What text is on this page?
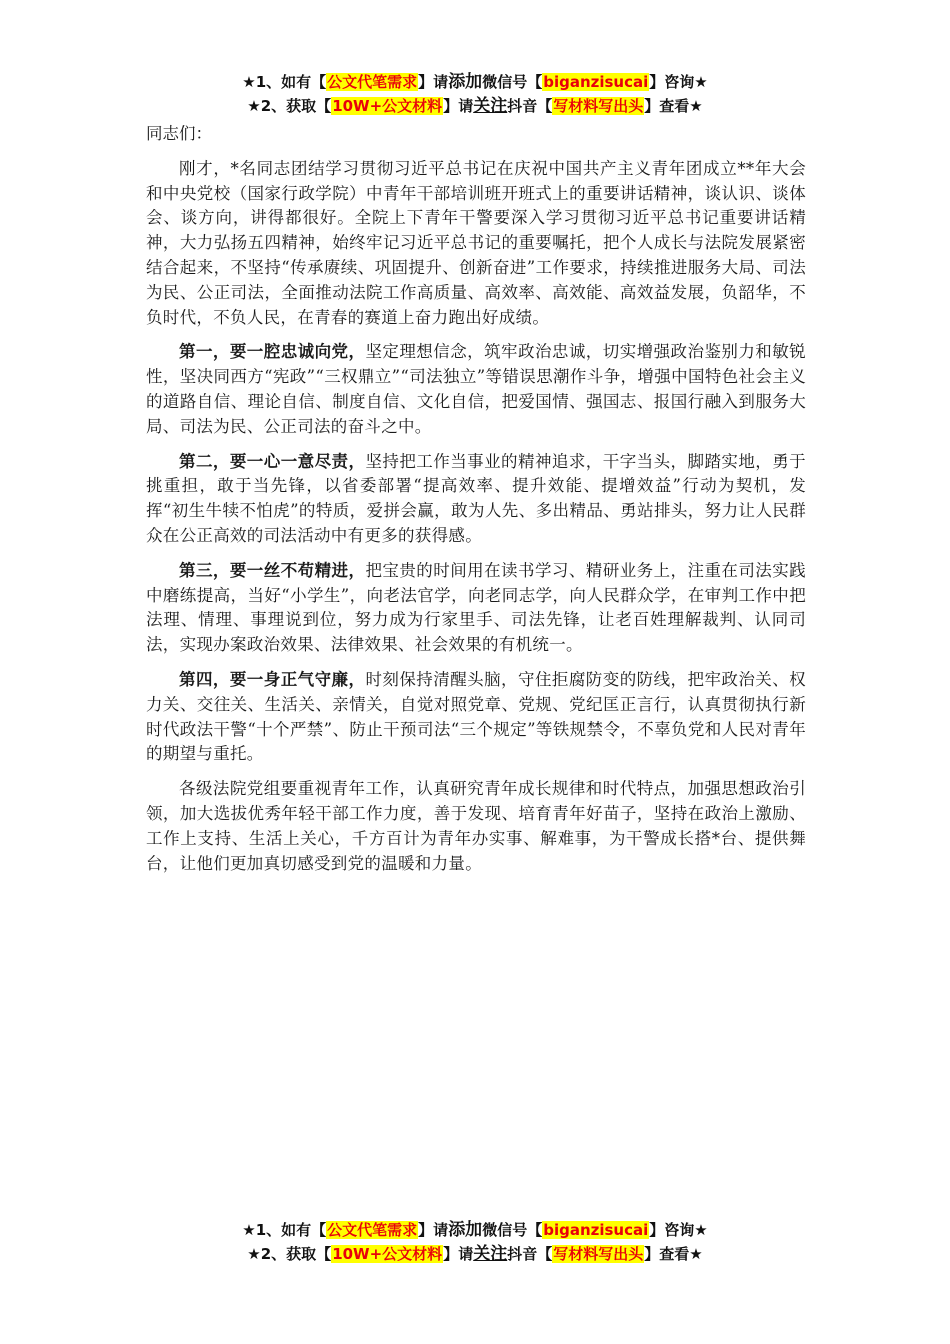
★1、如有【公文代笔需求】请添加微信号【biganzisucai】咨询★
★2、获取【10W+公文材料】请关注抖音【写材料写出头】查看★

同志们：

刚才，*名同志团结学习贯彻习近平总书记在庆祝中国共产主义青年团成立**年大会和中央党校（国家行政学院）中青年干部培训班开班式上的重要讲话精神，谈认识、谈体会、谈方向，讲得都很好。全院上下青年干警要深入学习贯彻习近平总书记重要讲话精神，大力弘扬五四精神，始终牢记习近平总书记的重要嘱托，把个人成长与法院发展紧密结合起来，不坚持“传承赓续、巩固提升、创新奋进”工作要求，持续推进服务大局、司法为民、公正司法，全面推动法院工作高质量、高效率、高效能、高效益发展，负韶华，不负时代，不负人民，在青春的赛道上奋力跑出好成绩。

第一，要一腔忠诚向党，坚定理想信念，筑牢政治忠诚，切实增强政治鉴别力和敏锐性，坚决同西方“宪政”“三权鼎立”“司法独立”等错误思潮作斗争，增强中国特色社会主义的道路自信、理论自信、制度自信、文化自信，把爱国情、强国志、报国行融入到服务大局、司法为民、公正司法的奋斗之中。

第二，要一心一意尽责，坚持把工作当事业的精神追求，干字当头，脚踏实地，勇于挑重担，敢于当先锋，以省委部署“提高效率、提升效能、提增效益”行动为契机，发挥“初生牛犊不怕虎”的特质，爱拼会赢，敢为人先、多出精品、勇站排头，努力让人民群众在公正高效的司法活动中有更多的获得感。

第三，要一丝不苟精进，把宝贵的时间用在读书学习、精研业务上，注重在司法实践中磨练提高，当好“小学生”，向老法官学，向老同志学，向人民群众学，在审判工作中把法理、情理、事理说到位，努力成为行家里手、司法先锋，让老百姓理解裁判、认同司法，实现办案政治效果、法律效果、社会效果的有机统一。

第四，要一身正气守廉，时刻保持清醒头脑，守住拒腐防变的防线，把牢政治关、权力关、交往关、生活关、亲情关，自觉对照党章、党规、党纪匡正言行，认真贯彻执行新时代政法干警“十个严禁”、防止干预司法“三个规定”等铁规禁令，不辜负党和人民对青年的期望与重托。

各级法院党组要重视青年工作，认真研究青年成长规律和时代特点，加强思想政治引领，加大选拔优秀年轻干部工作力度，善于发现、培育青年好苗子，坚持在政治上激励、工作上支持、生活上关心，千方百计为青年办实事、解难事，为干警成长搭*台、提供舞台，让他们更加真切感受到党的温暖和力量。

★1、如有【公文代笔需求】请添加微信号【biganzisucai】咨询★
★2、获取【10W+公文材料】请关注抖音【写材料写出头】查看★
